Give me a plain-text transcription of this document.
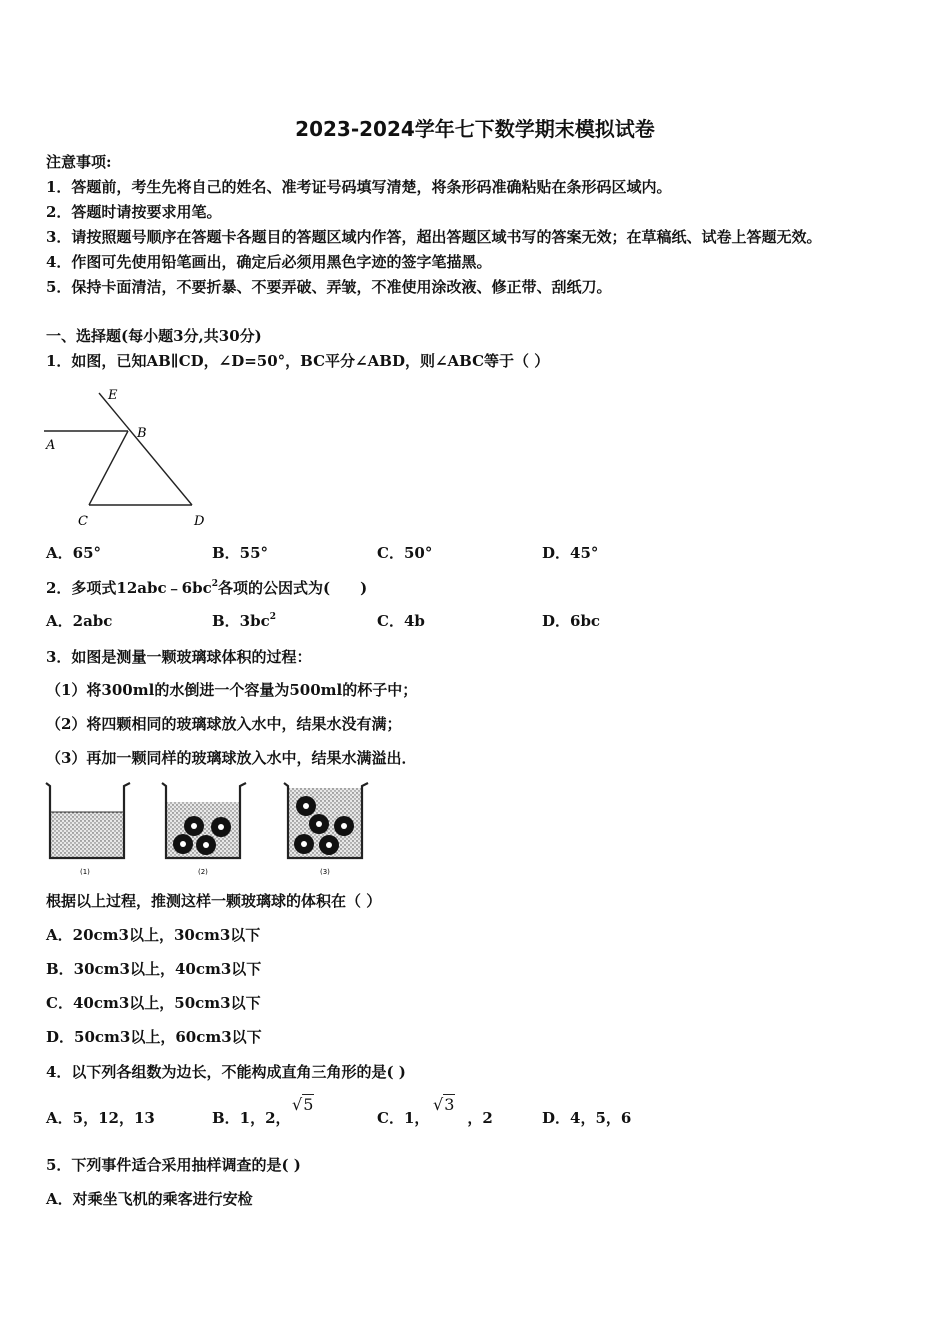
2023-2024学年七下数学期末模拟试卷
注意事项:
1．答题前，考生先将自己的姓名、准考证号码填写清楚，将条形码准确粘贴在条形码区域内。
2．答题时请按要求用笔。
3．请按照题号顺序在答题卡各题目的答题区域内作答，超出答题区域书写的答案无效；在草稿纸、试卷上答题无效。
4．作图可先使用铅笔画出，确定后必须用黑色字迹的签字笔描黑。
5．保持卡面清洁，不要折暴、不要弄破、弄皱，不准使用涂改液、修正带、刮纸刀。
一、选择题(每小题3分,共30分)
1．如图，已知AB∥CD，∠D=50°，BC平分∠ABD，则∠ABC等于（ ）
E
A
B
C	D
A．65°	B．55°	C．50°	D．45°
2．多项式$12abc﹣6bc^2$各项的公因式为(　　)
A．2abc	B．$3bc^2$	C．4b	D．6bc
3．如图是测量一颗玻璃球体积的过程：
（1）将300ml的水倒进一个容量为500ml的杯子中；
（2）将四颗相同的玻璃球放入水中，结果水没有满；
（3）再加一颗同样的玻璃球放入水中，结果水满溢出．
(1)	(2)	(3)
根据以上过程，推测这样一颗玻璃球的体积在（ ）
A．20cm3以上，30cm3以下
B．30cm3以上，40cm3以下
C．40cm3以上，50cm3以下
D．50cm3以上，60cm3以下
4．以下列各组数为边长，不能构成直角三角形的是( )
A．5，12，13	B．1，2，
√5
C．1，	，2
√3
D．4，5，6
5．下列事件适合采用抽样调查的是( )
A．对乘坐飞机的乘客进行安检
